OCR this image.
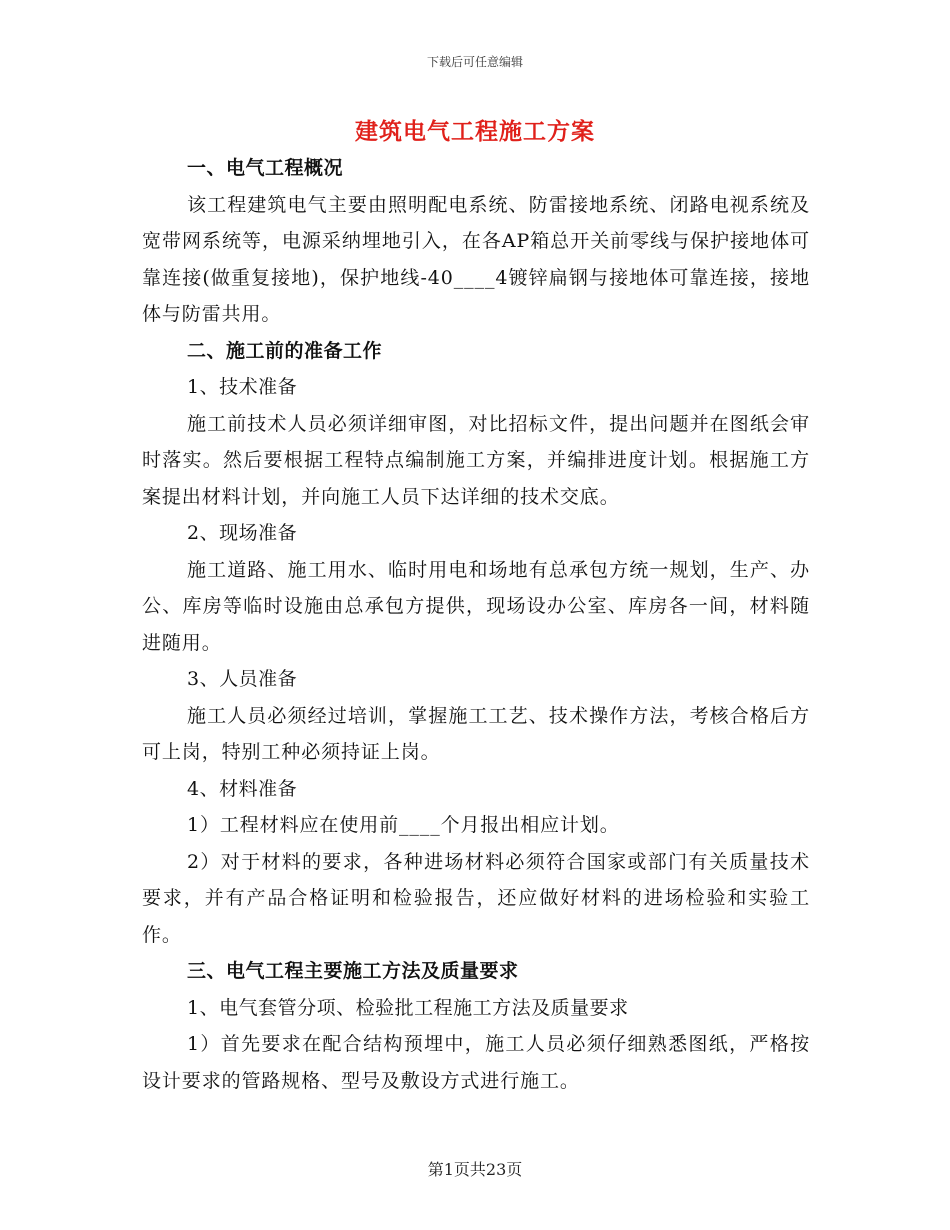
下载后可任意编辑
建筑电气工程施工方案
一、电气工程概况

该工程建筑电气主要由照明配电系统、防雷接地系统、闭路电视系统及宽带网系统等，电源采纳埋地引入，在各AP箱总开关前零线与保护接地体可靠连接(做重复接地)，保护地线-40____4镀锌扁钢与接地体可靠连接，接地体与防雷共用。

二、施工前的准备工作
1、技术准备

施工前技术人员必须详细审图，对比招标文件，提出问题并在图纸会审时落实。然后要根据工程特点编制施工方案，并编排进度计划。根据施工方案提出材料计划，并向施工人员下达详细的技术交底。

2、现场准备

施工道路、施工用水、临时用电和场地有总承包方统一规划，生产、办公、库房等临时设施由总承包方提供，现场设办公室、库房各一间，材料随进随用。

3、人员准备

施工人员必须经过培训，掌握施工工艺、技术操作方法，考核合格后方可上岗，特别工种必须持证上岗。

4、材料准备

1）工程材料应在使用前____个月报出相应计划。

2）对于材料的要求，各种进场材料必须符合国家或部门有关质量技术要求，并有产品合格证明和检验报告，还应做好材料的进场检验和实验工作。

三、电气工程主要施工方法及质量要求
1、电气套管分项、检验批工程施工方法及质量要求

1）首先要求在配合结构预埋中，施工人员必须仔细熟悉图纸，严格按设计要求的管路规格、型号及敷设方式进行施工。

第1页共23页
